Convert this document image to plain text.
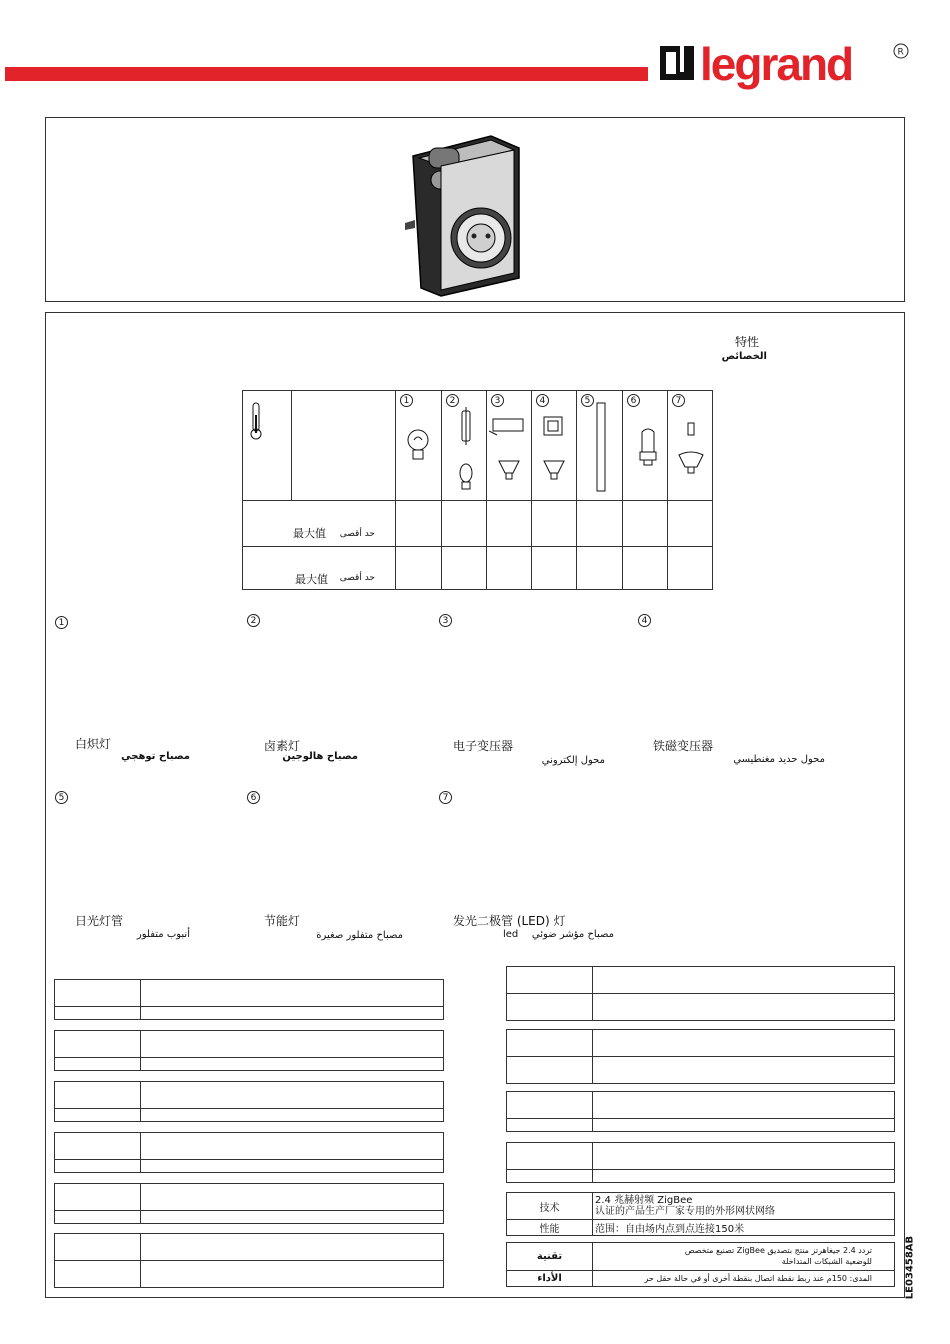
legrand	R
特性
الخصائص
1	2	3	4	5	6	7
最大值	حد أقصى
最大值	حد أقصى
1
白炽灯
مصباح توهجي
2
卤素灯
مصباح هالوجين
3
电子变压器
محول إلكتروني
4
铁磁变压器
محول حديد مغنطيسي
5
日光灯管
أنبوب متفلور
6
节能灯
مصباح متفلور صغيرة
7
发光二极管 (LED) 灯
led	مصباح مؤشر ضوئي

技术	2.4 兆赫射频 ZigBee
认证的产品生产厂家专用的外形网状网络

性能	范围：自由场内点到点连接150米
تقنية	تردد 2.4 جيغاهرتز منتج بتصديق ZigBee تصنيع متخصص
للوضعية الشبكات المتداخلة

الأداء	المدى: 150م عند ربط نقطة اتصال بنقطة أخرى أو في حالة حقل حر	LE03458AB
